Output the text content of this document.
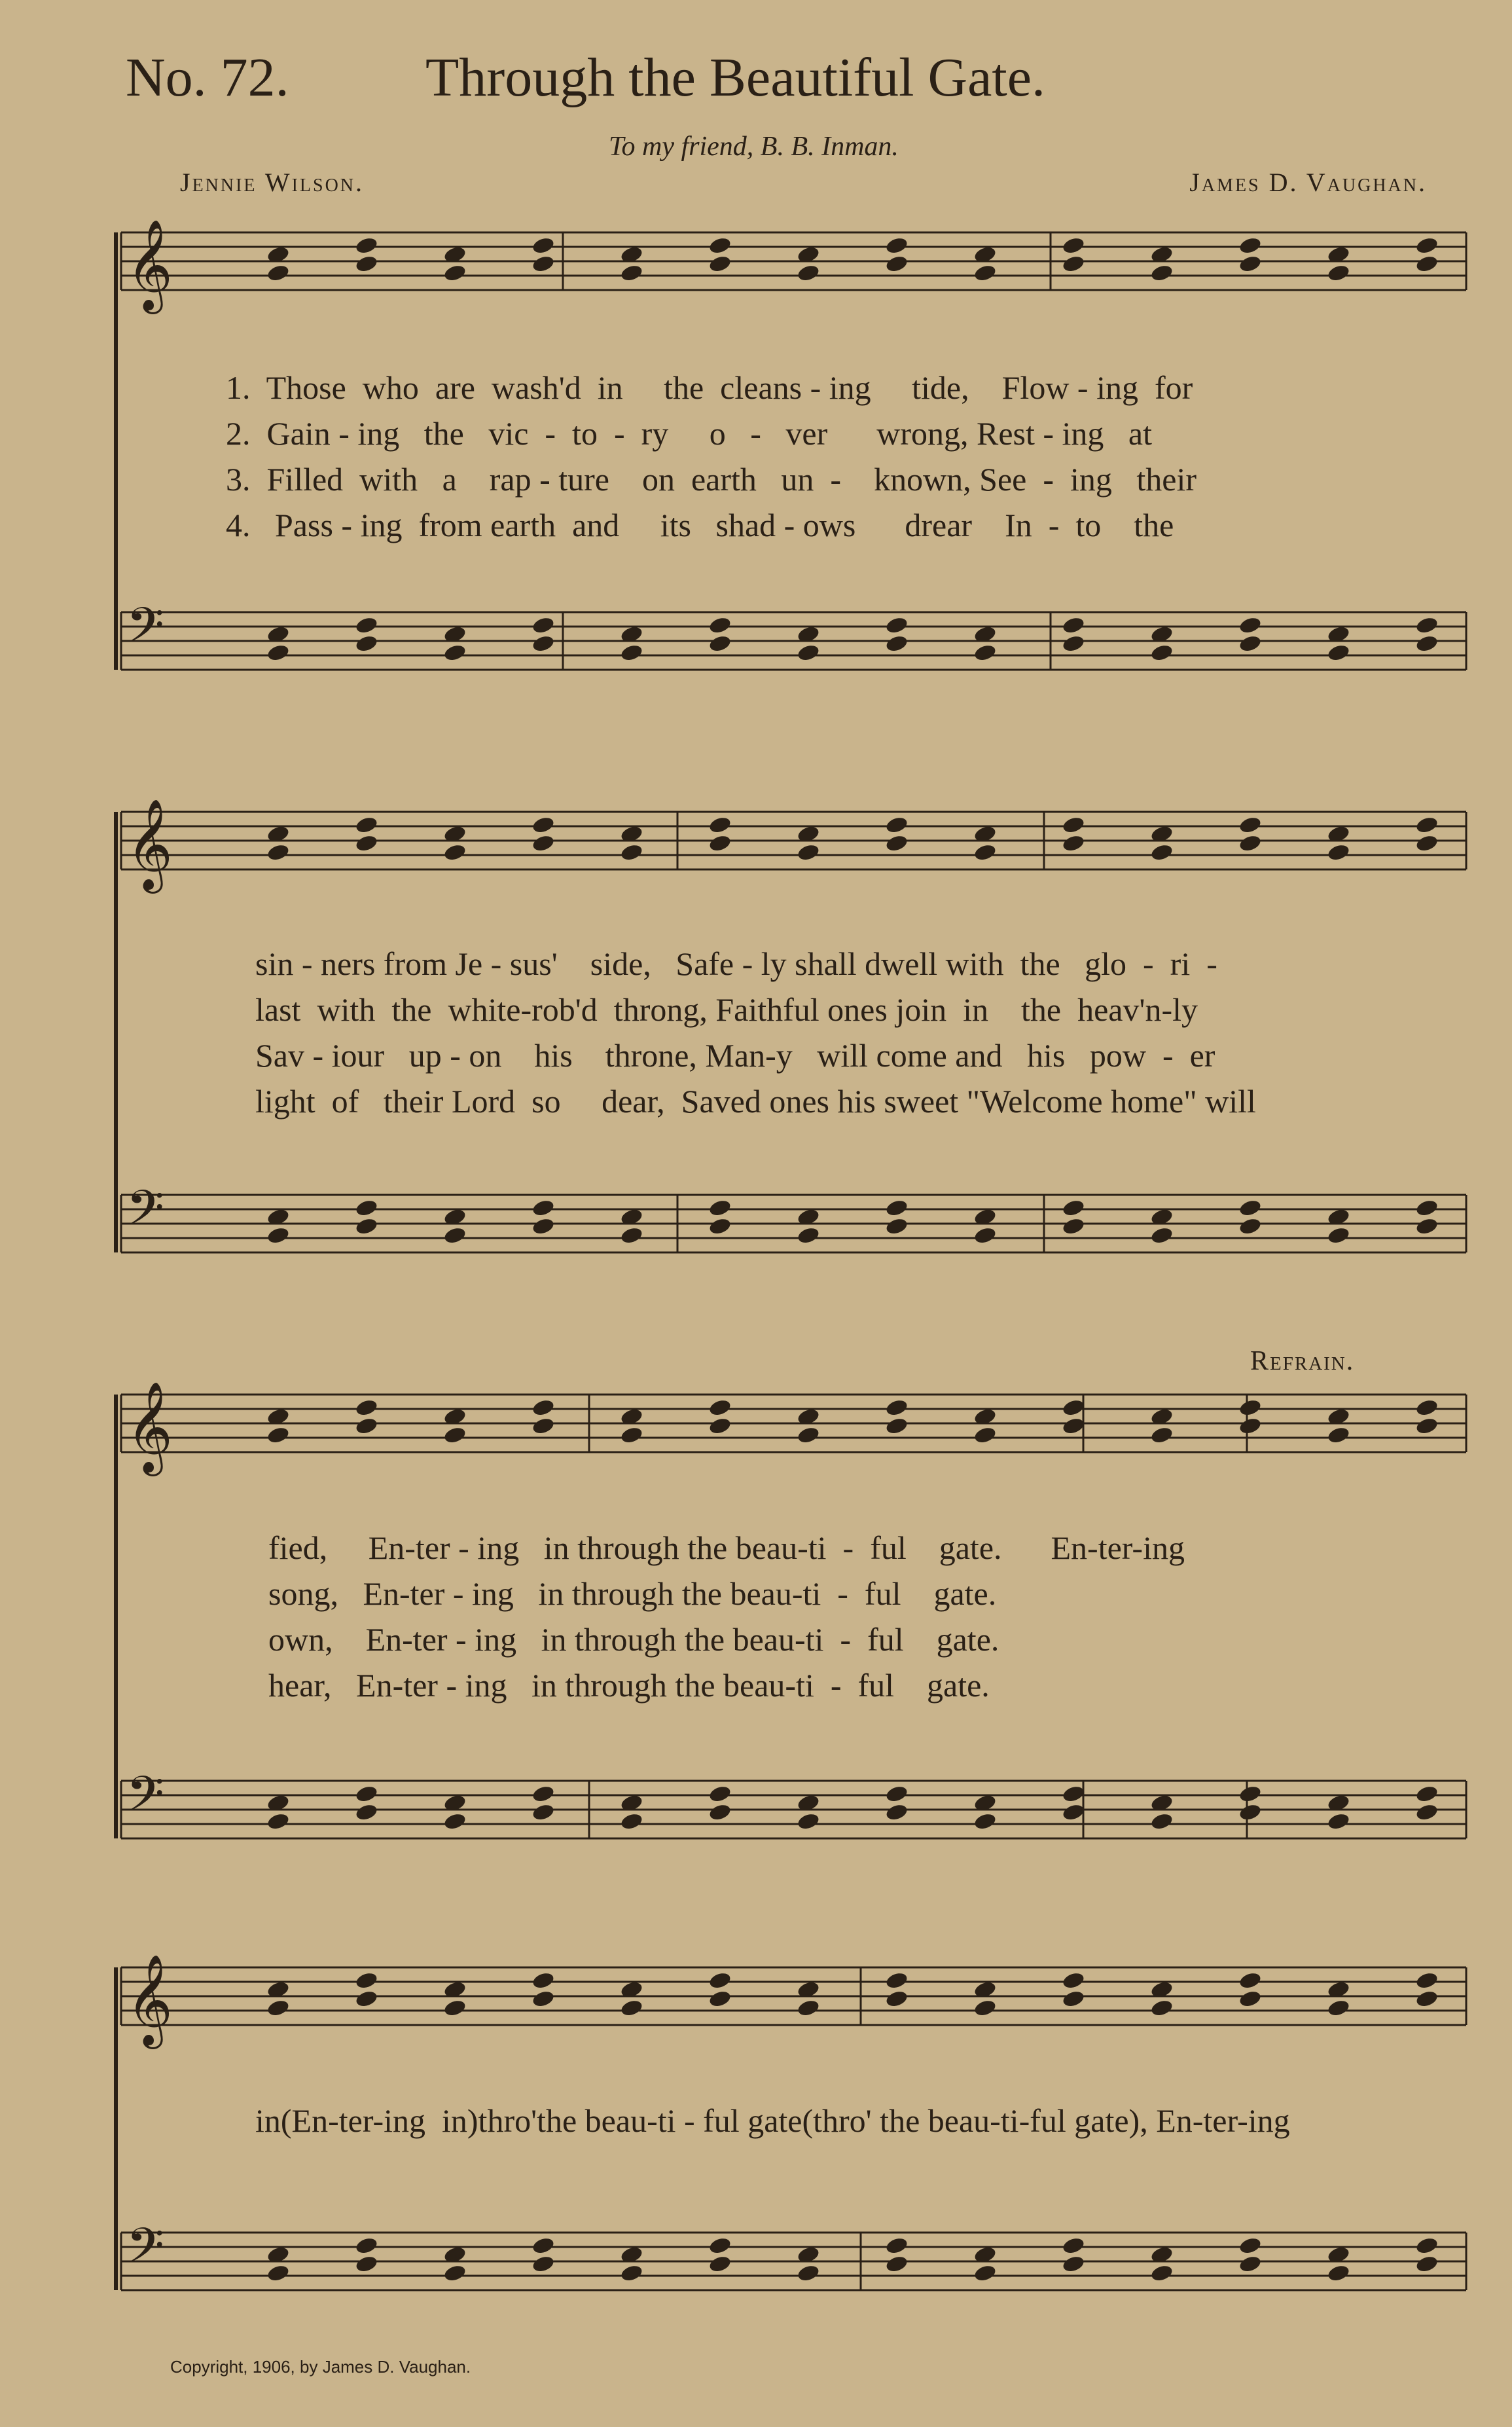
No. 72. Through the Beautiful Gate.
To my friend, B. B. Inman.
Jennie Wilson.	James D. Vaughan.
𝄞
𝄢
𝄞
𝄢
𝄞
𝄢
𝄞
𝄢
1.  Those  who  are  wash'd  in     the  cleans - ing     tide,    Flow - ing  for
2.  Gain - ing   the   vic  -  to  -  ry     o   -   ver      wrong, Rest - ing   at
3.  Filled  with   a    rap - ture    on  earth   un  -    known, See  -  ing   their
4.   Pass - ing  from earth  and     its   shad - ows      drear    In  -  to    the
sin - ners from Je - sus'    side,   Safe - ly shall dwell with  the   glo  -  ri  -
last  with  the  white-rob'd  throng, Faithful ones join  in    the  heav'n-ly
Sav - iour   up - on    his    throne, Man-y   will come and   his   pow  -  er
light  of   their Lord  so     dear,  Saved ones his sweet "Welcome home" will
Refrain.
fied,     En-ter - ing   in through the beau-ti  -  ful    gate.      En-ter-ing
song,   En-ter - ing   in through the beau-ti  -  ful    gate.
own,    En-ter - ing   in through the beau-ti  -  ful    gate.
hear,   En-ter - ing   in through the beau-ti  -  ful    gate.
in(En-ter-ing  in)thro'the beau-ti - ful gate(thro' the beau-ti-ful gate), En-ter-ing
Copyright, 1906, by James D. Vaughan.
